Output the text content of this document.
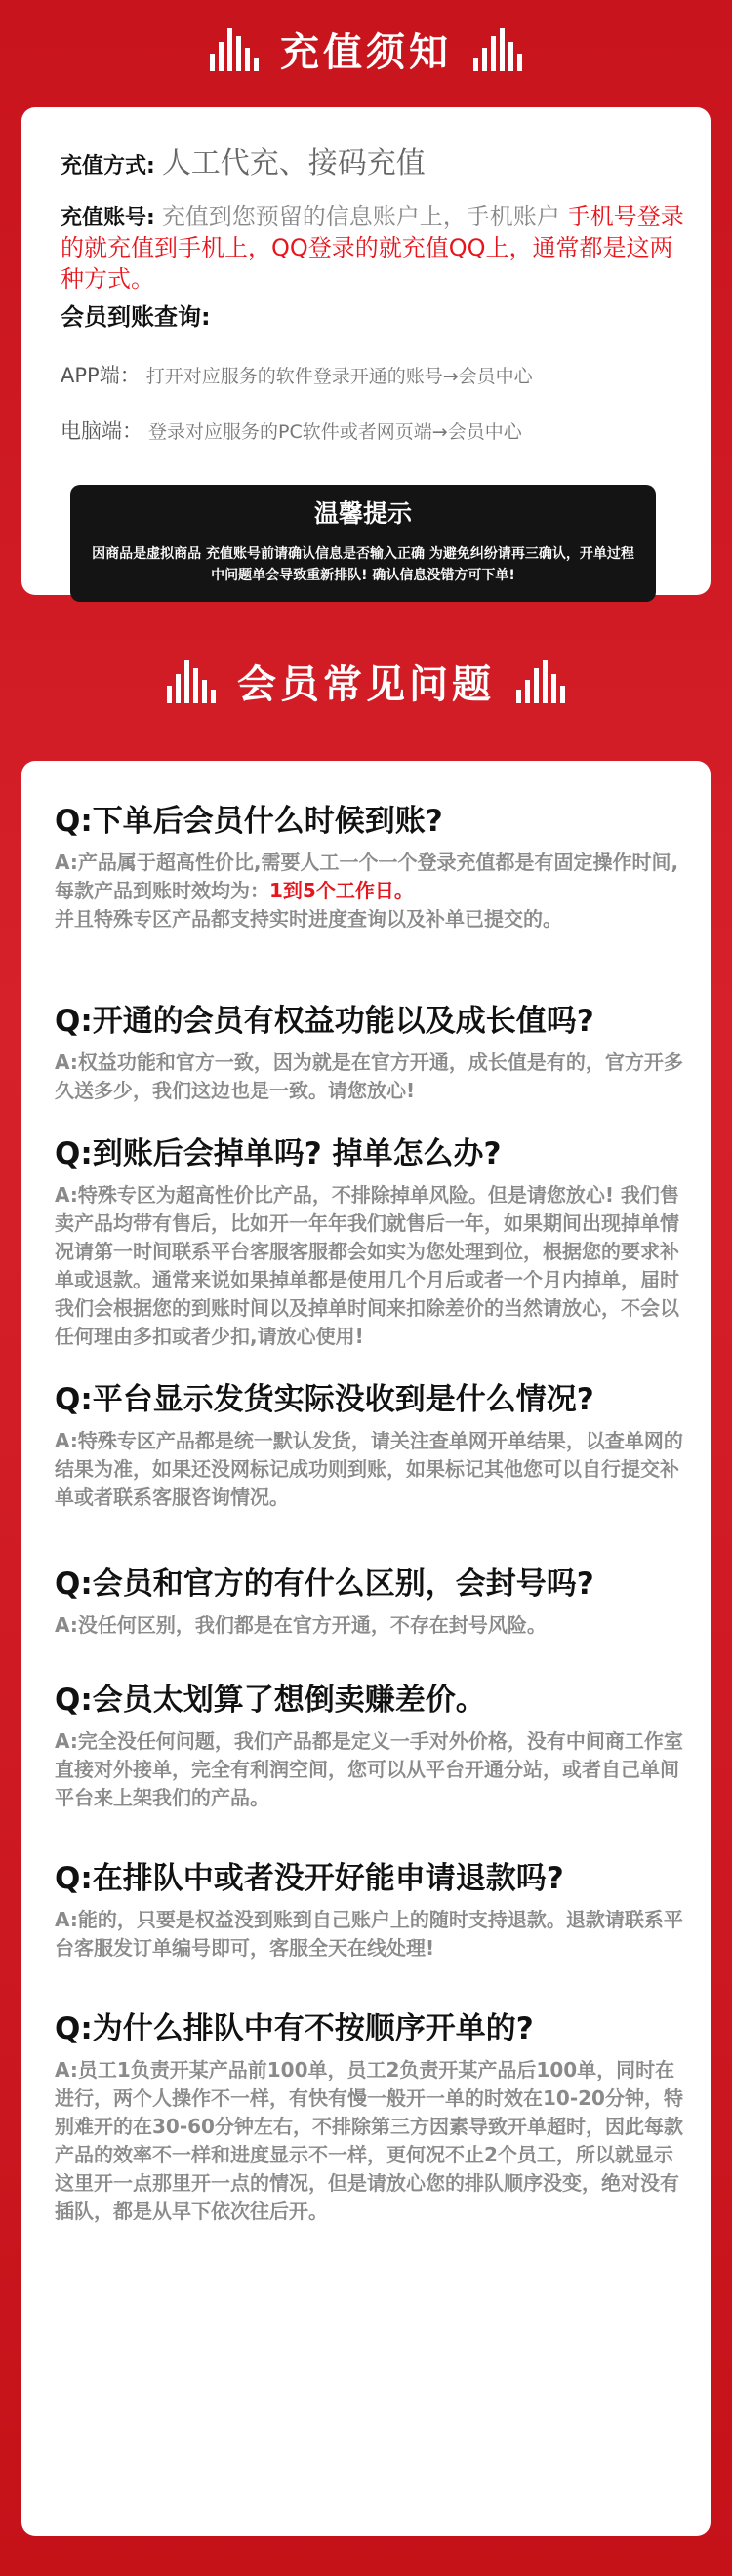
充值须知

充值方式: 人工代充、接码充值

充值账号: 充值到您预留的信息账户上，手机账户 手机号登录的就充值到手机上，QQ登录的就充值QQ上，通常都是这两种方式。

会员到账查询:

APP端： 打开对应服务的软件登录开通的账号→会员中心

电脑端： 登录对应服务的PC软件或者网页端→会员中心

温馨提示
因商品是虚拟商品 充值账号前请确认信息是否输入正确 为避免纠纷请再三确认，开单过程中问题单会导致重新排队! 确认信息没错方可下单!
会员常见问题

Q:下单后会员什么时候到账?

A:产品属于超高性价比,需要人工一个一个登录充值都是有固定操作时间,每款产品到账时效均为：1到5个工作日。
并且特殊专区产品都支持实时进度查询以及补单已提交的。

Q:开通的会员有权益功能以及成长值吗?

A:权益功能和官方一致，因为就是在官方开通，成长值是有的，官方开多久送多少，我们这边也是一致。请您放心!

Q:到账后会掉单吗? 掉单怎么办?

A:特殊专区为超高性价比产品，不排除掉单风险。但是请您放心! 我们售卖产品均带有售后，比如开一年年我们就售后一年，如果期间出现掉单情况请第一时间联系平台客服客服都会如实为您处理到位，根据您的要求补单或退款。通常来说如果掉单都是使用几个月后或者一个月内掉单，届时我们会根据您的到账时间以及掉单时间来扣除差价的当然请放心，不会以任何理由多扣或者少扣,请放心使用!

Q:平台显示发货实际没收到是什么情况?

A:特殊专区产品都是统一默认发货，请关注查单网开单结果，以查单网的结果为准，如果还没网标记成功则到账，如果标记其他您可以自行提交补单或者联系客服咨询情况。

Q:会员和官方的有什么区别，会封号吗?

A:没任何区别，我们都是在官方开通，不存在封号风险。

Q:会员太划算了想倒卖赚差价。

A:完全没任何问题，我们产品都是定义一手对外价格，没有中间商工作室直接对外接单，完全有利润空间，您可以从平台开通分站，或者自己单间平台来上架我们的产品。

Q:在排队中或者没开好能申请退款吗?

A:能的，只要是权益没到账到自己账户上的随时支持退款。退款请联系平台客服发订单编号即可，客服全天在线处理!

Q:为什么排队中有不按顺序开单的?

A:员工1负责开某产品前100单，员工2负责开某产品后100单，同时在进行，两个人操作不一样，有快有慢一般开一单的时效在10-20分钟，特别难开的在30-60分钟左右，不排除第三方因素导致开单超时，因此每款产品的效率不一样和进度显示不一样，更何况不止2个员工，所以就显示这里开一点那里开一点的情况，但是请放心您的排队顺序没变，绝对没有插队，都是从早下依次往后开。
